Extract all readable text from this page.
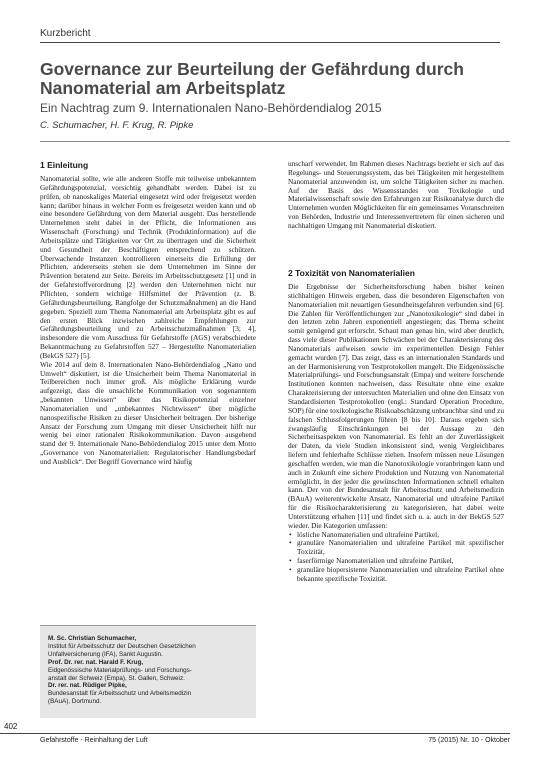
Kurzbericht
Governance zur Beurteilung der Gefährdung durch Nanomaterial am Arbeitsplatz
Ein Nachtrag zum 9. Internationalen Nano-Behördendialog 2015
C. Schumacher, H. F. Krug, R. Pipke
1 Einleitung

Nanomaterial sollte, wie alle anderen Stoffe mit teilweise unbekanntem Gefährdungspotenzial, vorsichtig gehandhabt werden. Dabei ist zu prüfen, ob nanoskaliges Material eingesetzt wird oder freigesetzt werden kann; darüber hinaus in welcher Form es freigesetzt werden kann und ob eine besondere Gefährdung von dem Material ausgeht. Das herstellende Unternehmen steht dabei in der Pflicht, die Informationen aus Wissenschaft (Forschung) und Technik (Produktinformation) auf die Arbeitsplätze und Tätigkeiten vor Ort zu übertragen und die Sicherheit und Gesundheit der Beschäftigten entsprechend zu schützen. Überwachende Instanzen kontrollieren einerseits die Erfüllung der Pflichten, andererseits stehen sie dem Unternehmen im Sinne der Prävention beratend zur Seite. Bereits im Arbeitsschutzgesetz [1] und in der Gefahrstoffverordnung [2] werden den Unternehmen nicht nur Pflichten, sondern wichtige Hilfsmittel der Prävention (z. B. Gefährdungsbeurteilung, Rangfolge der Schutzmaßnahmen) an die Hand gegeben. Speziell zum Thema Nanomaterial am Arbeitsplatz gibt es auf den ersten Blick inzwischen zahlreiche Empfehlungen zur Gefährdungsbeurteilung und zu Arbeitsschutzmaßnahmen [3; 4], insbesondere die vom Ausschuss für Gefahrstoffe (AGS) verabschiedete Bekanntmachung zu Gefahrstoffen 527 – Hergestellte Nanomaterialien (BekGS 527) [5].

Wie 2014 auf dem 8. Internationalen Nano-Behördendialog „Nano und Umwelt“ diskutiert, ist die Unsicherheit beim Thema Nanomaterial in Teilbereichen noch immer groß. Als mögliche Erklärung wurde aufgezeigt, dass die unsachliche Kommunikation von sogenanntem „bekannten Unwissen“ über das Risikopotenzial einzelner Nanomaterialien und „unbekanntes Nichtwissen“ über mögliche nanospezifische Risiken zu dieser Unsicherheit beitragen. Der bisherige Ansatz der Forschung zum Umgang mit dieser Unsicherheit hilft nur wenig bei einer rationalen Risikokommunikation. Davon ausgehend stand der 9. Internationale Nano-Behördendialog 2015 unter dem Motto „Governance von Nanomaterialien: Regulatorischer Handlungsbedarf und Ausblick“. Der Begriff Governance wird häufig

unscharf verwendet. Im Rahmen dieses Nachtrags bezieht er sich auf das Regelungs- und Steuerungssystem, das bei Tätigkeiten mit hergestelltem Nanomaterial anzuwenden ist, um solche Tätigkeiten sicher zu machen. Auf der Basis des Wissensstandes von Toxikologie und Materialwissenschaft sowie den Erfahrungen zur Risikoanalyse durch die Unternehmen wurden Möglichkeiten für ein gemeinsames Voranschreiten von Behörden, Industrie und Interessenvertretern für einen sicheren und nachhaltigen Umgang mit Nanomaterial diskutiert.

2 Toxizität von Nanomaterialien

Die Ergebnisse der Sicherheitsforschung haben bisher keinen stichhaltigen Hinweis ergeben, dass die besonderen Eigenschaften von Nanomaterialien mit neuartigen Gesundheitsgefahren verbunden sind [6]. Die Zahlen für Veröffentlichungen zur „Nanotoxikologie“ sind dabei in den letzten zehn Jahren exponentiell angestiegen; das Thema scheint somit genügend gut erforscht. Schaut man genau hin, wird aber deutlich, dass viele dieser Publikationen Schwächen bei der Charakterisierung des Nanomaterials aufweisen sowie im experimentellen Design Fehler gemacht wurden [7]. Das zeigt, dass es an internationalen Standards und an der Harmonisierung von Testprotokollen mangelt. Die Eidgenössische Materialprüfungs- und Forschungsanstalt (Empa) und weitere forschende Institutionen konnten nachweisen, dass Resultate ohne eine exakte Charakterisierung der untersuchten Materialien und ohne den Einsatz von Standardisierten Testprotokollen (engl.: Standard Operation Procedure, SOP) für eine toxikologische Risikoabschätzung unbrauchbar sind und zu falschen Schlussfolgerungen führen [8 bis 10]. Daraus ergeben sich zwangsläufig Einschränkungen bei der Aussage zu den Sicherheitsaspekten von Nanomaterial. Es fehlt an der Zuverlässigkeit der Daten, da viele Studien inkonsistent sind, wenig Vergleichbares liefern und fehlerhafte Schlüsse ziehen. Insofern müssen neue Lösungen geschaffen werden, wie man die Nanotoxikologie voranbringen kann und auch in Zukunft eine sichere Produktion und Nutzung von Nanomaterial ermöglicht, in der jeder die gewünschten Informationen schnell erhalten kann. Der von der Bundesanstalt für Arbeitsschutz und Arbeitsmedizin (BAuA) weiterentwickelte Ansatz, Nanomaterial und ultrafeine Partikel für die Risikocharakterisierung zu kategorisieren, hat dabei weite Unterstützung erhalten [11] und findet sich u. a. auch in der BekGS 527 wieder. Die Kategorien umfassen:

• lösliche Nanomaterialien und ultrafeine Partikel,
• granuläre Nanomaterialien und ultrafeine Partikel mit spezifischer Toxizität,
• faserförmige Nanomaterialien und ultrafeine Partikel,
• granuläre biopersistente Nanomaterialien und ultrafeine Partikel ohne bekannte spezifische Toxizität.
M. Sc. Christian Schumacher,
Institut für Arbeitsschutz der Deutschen Gesetzlichen
Unfallversicherung (IFA), Sankt Augustin.
Prof. Dr. rer. nat. Harald F. Krug,
Eidgenössische Materialprüfungs- und Forschungs-
anstalt der Schweiz (Empa), St. Gallen, Schweiz.
Dr. rer. nat. Rüdiger Pipke,
Bundesanstalt für Arbeitsschutz und Arbeitsmedizin
(BAuA), Dortmund.
402
Gefahrstoffe - Reinhaltung der Luft	75 (2015) Nr. 10 - Oktober
